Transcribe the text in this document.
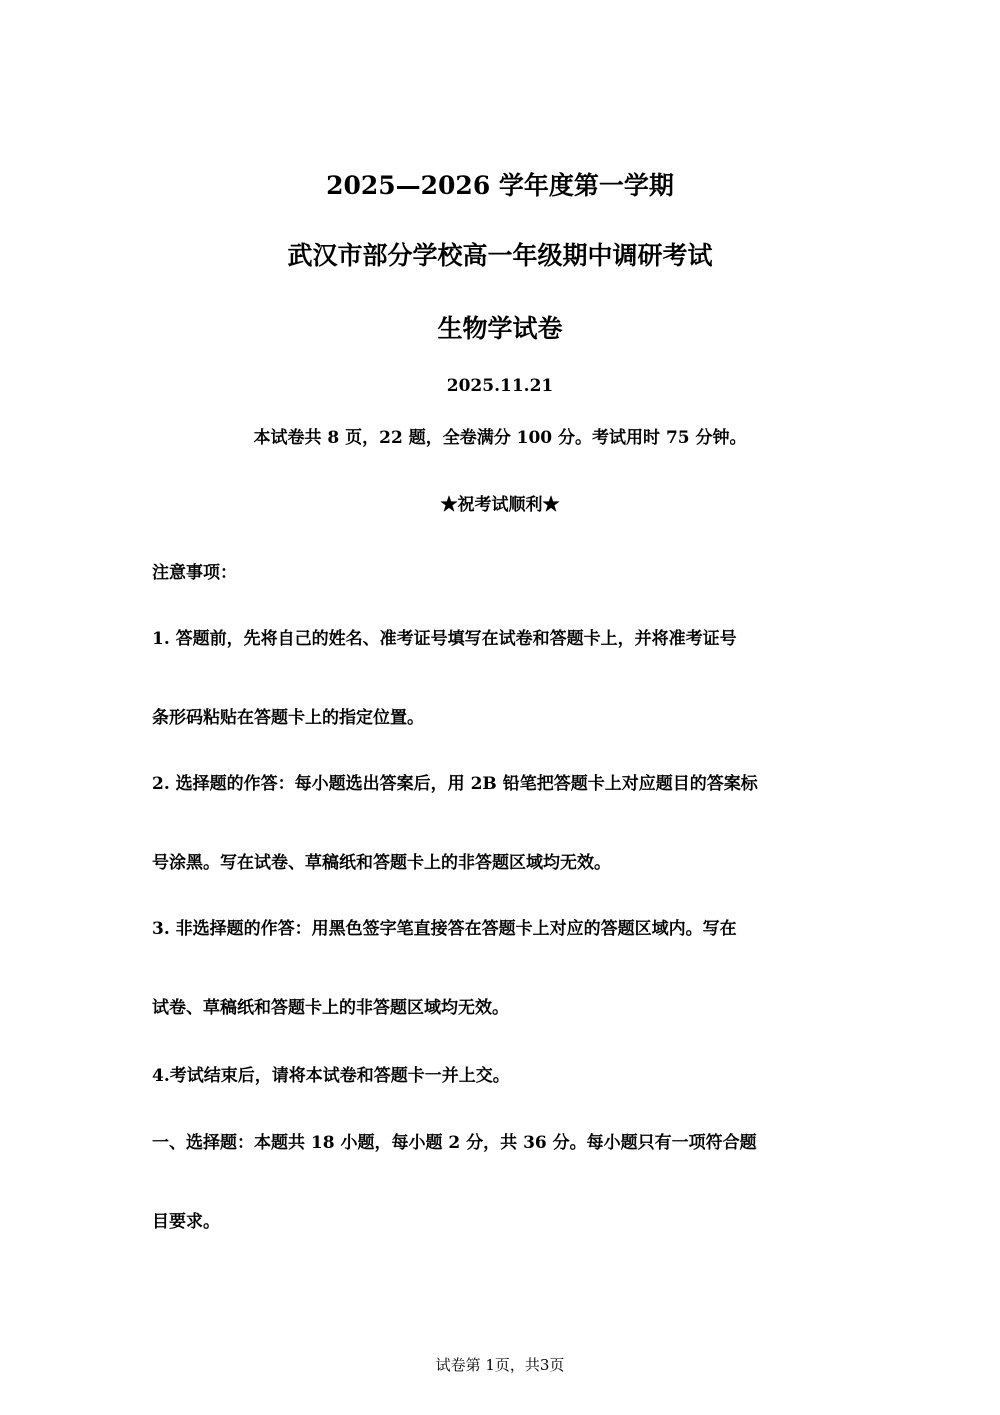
2025—2026 学年度第一学期
武汉市部分学校高一年级期中调研考试
生物学试卷
2025.11.21
本试卷共 8 页，22 题，全卷满分 100 分。考试用时 75 分钟。
★祝考试顺利★
注意事项：
1. 答题前，先将自己的姓名、准考证号填写在试卷和答题卡上，并将准考证号
条形码粘贴在答题卡上的指定位置。
2. 选择题的作答：每小题选出答案后，用 2B 铅笔把答题卡上对应题目的答案标
号涂黑。写在试卷、草稿纸和答题卡上的非答题区域均无效。
3. 非选择题的作答：用黑色签字笔直接答在答题卡上对应的答题区域内。写在
试卷、草稿纸和答题卡上的非答题区域均无效。
4.考试结束后，请将本试卷和答题卡一并上交。
一、选择题：本题共 18 小题，每小题 2 分，共 36 分。每小题只有一项符合题
目要求。
试卷第 1页，共3页
